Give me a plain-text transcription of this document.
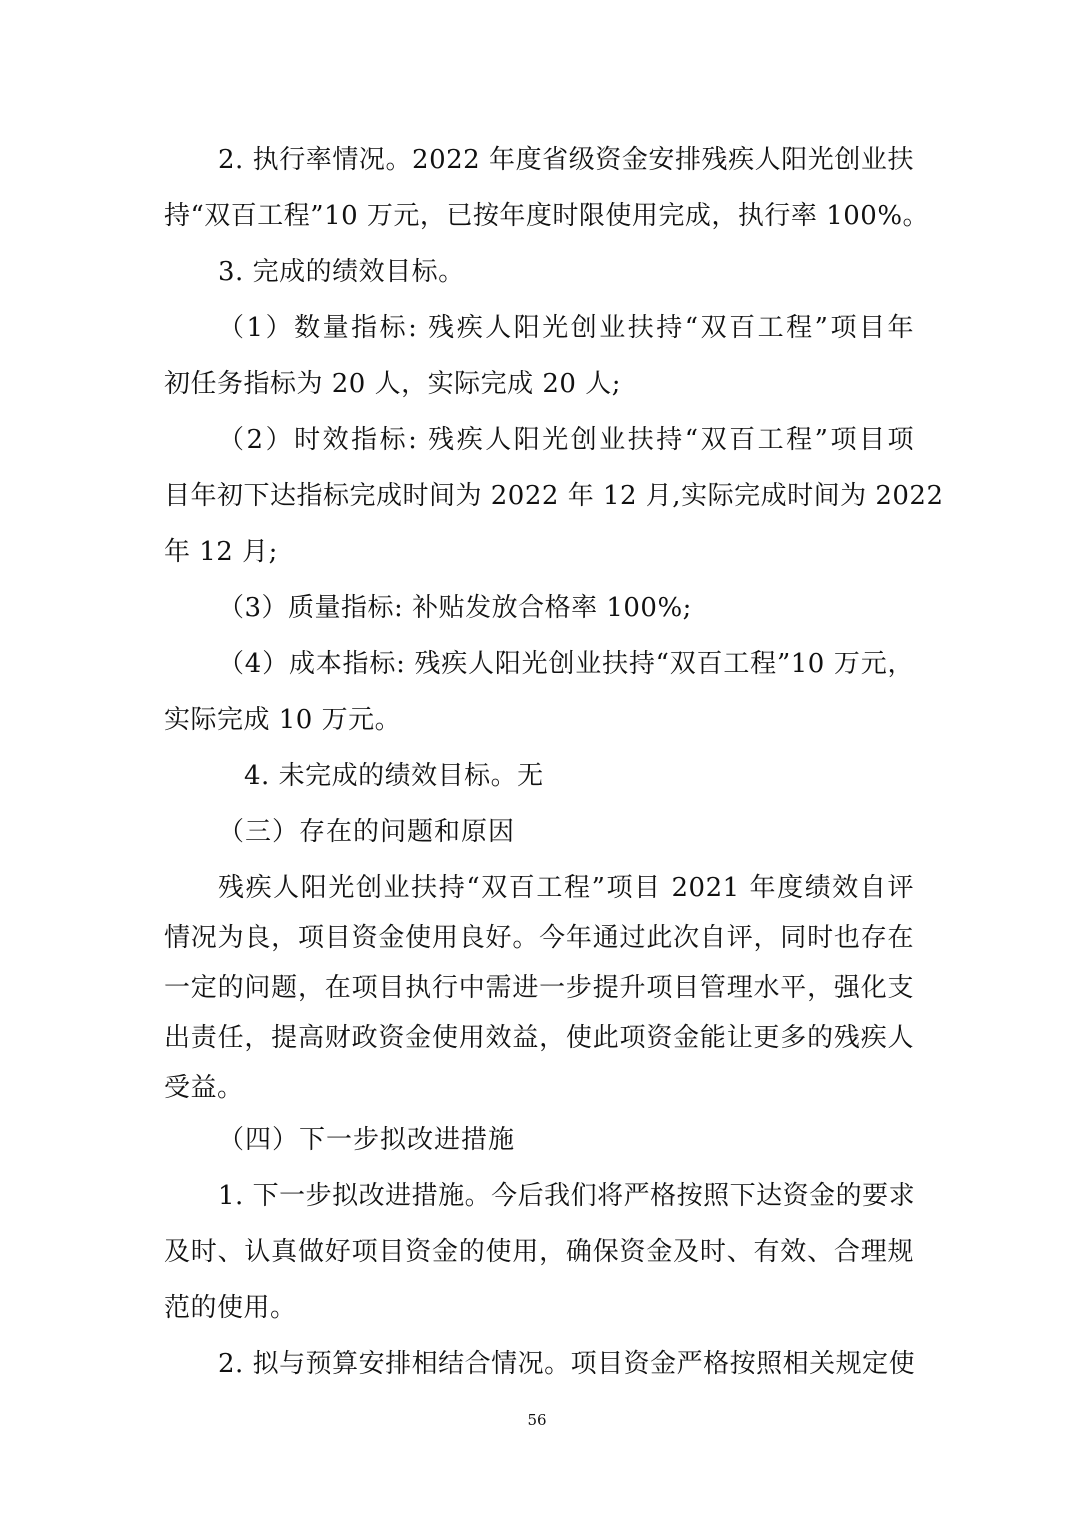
2. 执行率情况。2022 年度省级资金安排残疾人阳光创业扶
持“双百工程”10 万元，已按年度时限使用完成，执行率 100%。
3. 完成的绩效目标。
（1）数量指标: 残疾人阳光创业扶持“双百工程”项目年
初任务指标为 20 人，实际完成 20 人;
（2）时效指标: 残疾人阳光创业扶持“双百工程”项目项
目年初下达指标完成时间为 2022 年 12 月,实际完成时间为 2022
年 12 月;
（3）质量指标: 补贴发放合格率 100%;
（4）成本指标: 残疾人阳光创业扶持“双百工程”10 万元，
实际完成 10 万元。
4. 未完成的绩效目标。无
（三）存在的问题和原因
残疾人阳光创业扶持“双百工程”项目 2021 年度绩效自评
情况为良，项目资金使用良好。今年通过此次自评，同时也存在
一定的问题，在项目执行中需进一步提升项目管理水平，强化支
出责任，提高财政资金使用效益，使此项资金能让更多的残疾人
受益。
（四）下一步拟改进措施
1. 下一步拟改进措施。今后我们将严格按照下达资金的要求
及时、认真做好项目资金的使用，确保资金及时、有效、合理规
范的使用。
2. 拟与预算安排相结合情况。项目资金严格按照相关规定使
56
